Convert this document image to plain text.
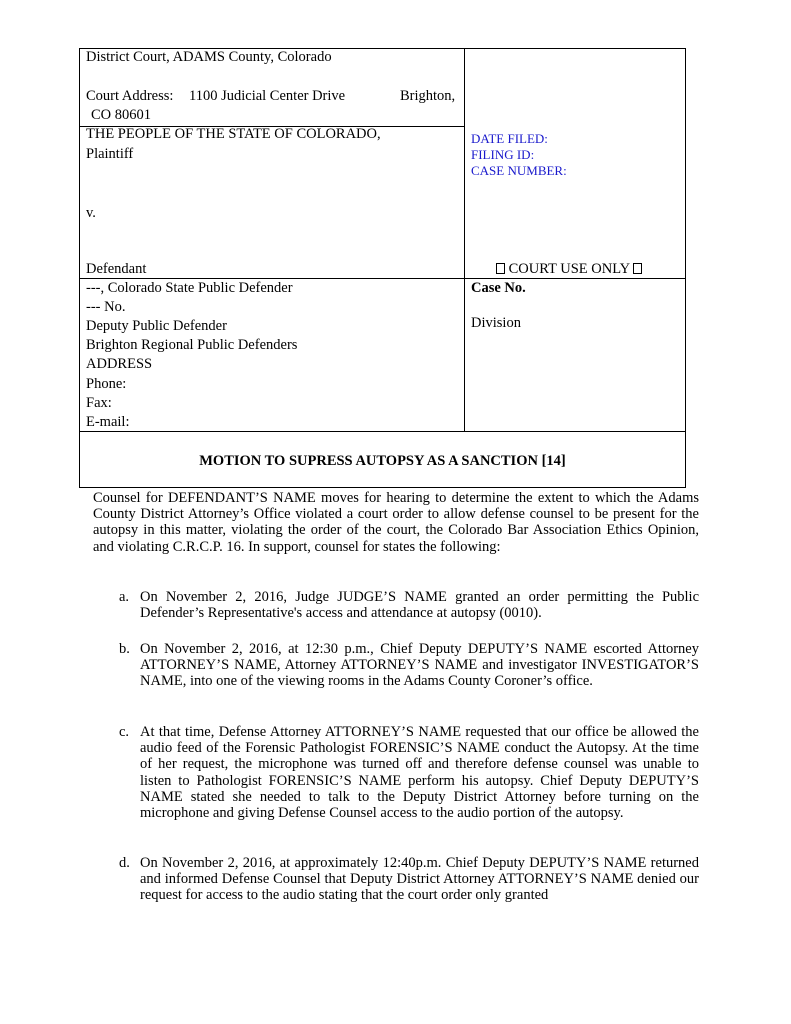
District Court, ADAMS County, Colorado
Court Address: 1100 Judicial Center Drive	Brighton,
CO 80601
THE PEOPLE OF THE STATE OF COLORADO,
Plaintiff
v.
Defendant
DATE FILED:
FILING ID:
CASE NUMBER:
COURT USE ONLY
---, Colorado State Public Defender
--- No.
Deputy Public Defender
Brighton Regional Public Defenders
ADDRESS
Phone:
Fax:
E-mail:
Case No.
Division
MOTION TO SUPRESS AUTOPSY AS A SANCTION [14]
Counsel for DEFENDANT’S NAME moves for hearing to determine the extent to which the Adams County District Attorney’s Office violated a court order to allow defense counsel to be present for the autopsy in this matter, violating the order of the court, the Colorado Bar Association Ethics Opinion, and violating C.R.C.P. 16. In support, counsel for states the following:
a. On November 2, 2016, Judge JUDGE’S NAME granted an order permitting the Public Defender’s Representative's access and attendance at autopsy (0010).
b. On November 2, 2016, at 12:30 p.m., Chief Deputy DEPUTY’S NAME escorted Attorney ATTORNEY’S NAME, Attorney ATTORNEY’S NAME and investigator INVESTIGATOR’S NAME, into one of the viewing rooms in the Adams County Coroner’s office.
c. At that time, Defense Attorney ATTORNEY’S NAME requested that our office be allowed the audio feed of the Forensic Pathologist FORENSIC’S NAME conduct the Autopsy. At the time of her request, the microphone was turned off and therefore defense counsel was unable to listen to Pathologist FORENSIC’S NAME perform his autopsy. Chief Deputy DEPUTY’S NAME stated she needed to talk to the Deputy District Attorney before turning on the microphone and giving Defense Counsel access to the audio portion of the autopsy.
d. On November 2, 2016, at approximately 12:40p.m. Chief Deputy DEPUTY’S NAME returned and informed Defense Counsel that Deputy District Attorney ATTORNEY’S NAME denied our request for access to the audio stating that the court order only granted
